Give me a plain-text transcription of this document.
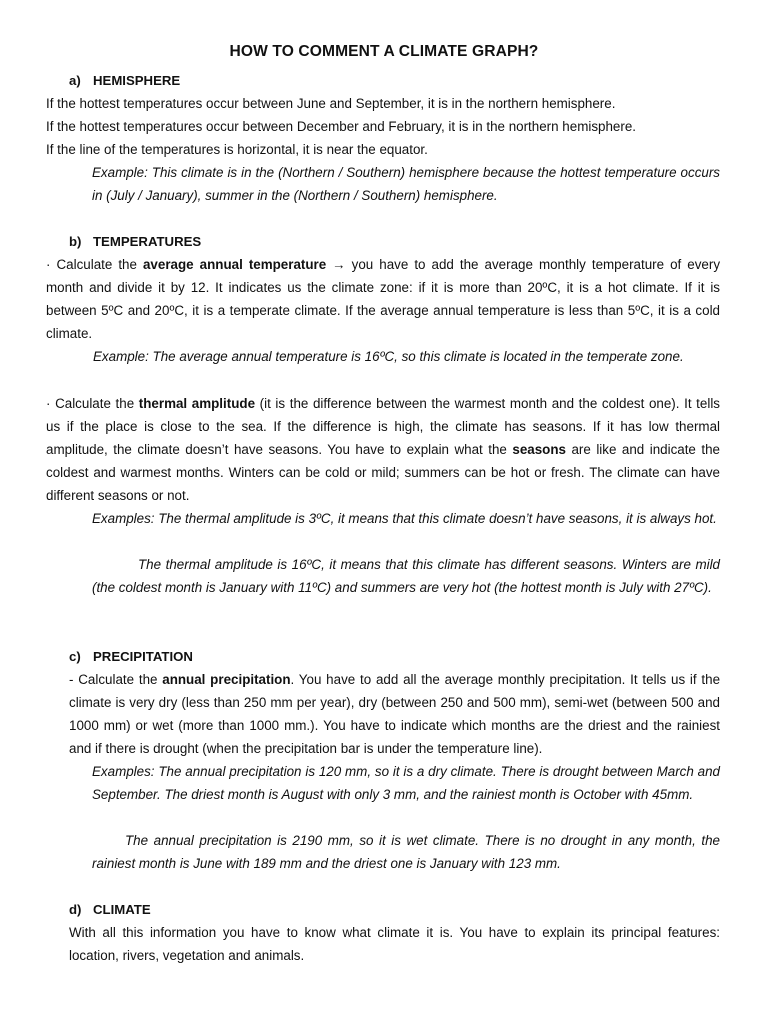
HOW TO COMMENT A CLIMATE GRAPH?
a) HEMISPHERE
If the hottest temperatures occur between June and September, it is in the northern hemisphere.
If the hottest temperatures occur between December and February, it is in the northern hemisphere.
If the line of the temperatures is horizontal, it is near the equator.
Example: This climate is in the (Northern / Southern) hemisphere because the hottest temperature occurs in (July / January), summer in the (Northern / Southern) hemisphere.
b) TEMPERATURES
· Calculate the average annual temperature → you have to add the average monthly temperature of every month and divide it by 12. It indicates us the climate zone: if it is more than 20ºC, it is a hot climate. If it is between 5ºC and 20ºC, it is a temperate climate. If the average annual temperature is less than 5ºC, it is a cold climate.
Example: The average annual temperature is 16ºC, so this climate is located in the temperate zone.
· Calculate the thermal amplitude (it is the difference between the warmest month and the coldest one). It tells us if the place is close to the sea. If the difference is high, the climate has seasons. If it has low thermal amplitude, the climate doesn’t have seasons. You have to explain what the seasons are like and indicate the coldest and warmest months. Winters can be cold or mild; summers can be hot or fresh. The climate can have different seasons or not.
Examples: The thermal amplitude is 3ºC, it means that this climate doesn’t have seasons, it is always hot.
The thermal amplitude is 16ºC, it means that this climate has different seasons. Winters are mild (the coldest month is January with 11ºC) and summers are very hot (the hottest month is July with 27ºC).
c) PRECIPITATION
- Calculate the annual precipitation. You have to add all the average monthly precipitation. It tells us if the climate is very dry (less than 250 mm per year), dry (between 250 and 500 mm), semi-wet (between 500 and 1000 mm) or wet (more than 1000 mm.). You have to indicate which months are the driest and the rainiest and if there is drought (when the precipitation bar is under the temperature line).
Examples: The annual precipitation is 120 mm, so it is a dry climate. There is drought between March and September. The driest month is August with only 3 mm, and the rainiest month is October with 45mm.
The annual precipitation is 2190 mm, so it is wet climate. There is no drought in any month, the rainiest month is June with 189 mm and the driest one is January with 123 mm.
d) CLIMATE
With all this information you have to know what climate it is. You have to explain its principal features: location, rivers, vegetation and animals.
